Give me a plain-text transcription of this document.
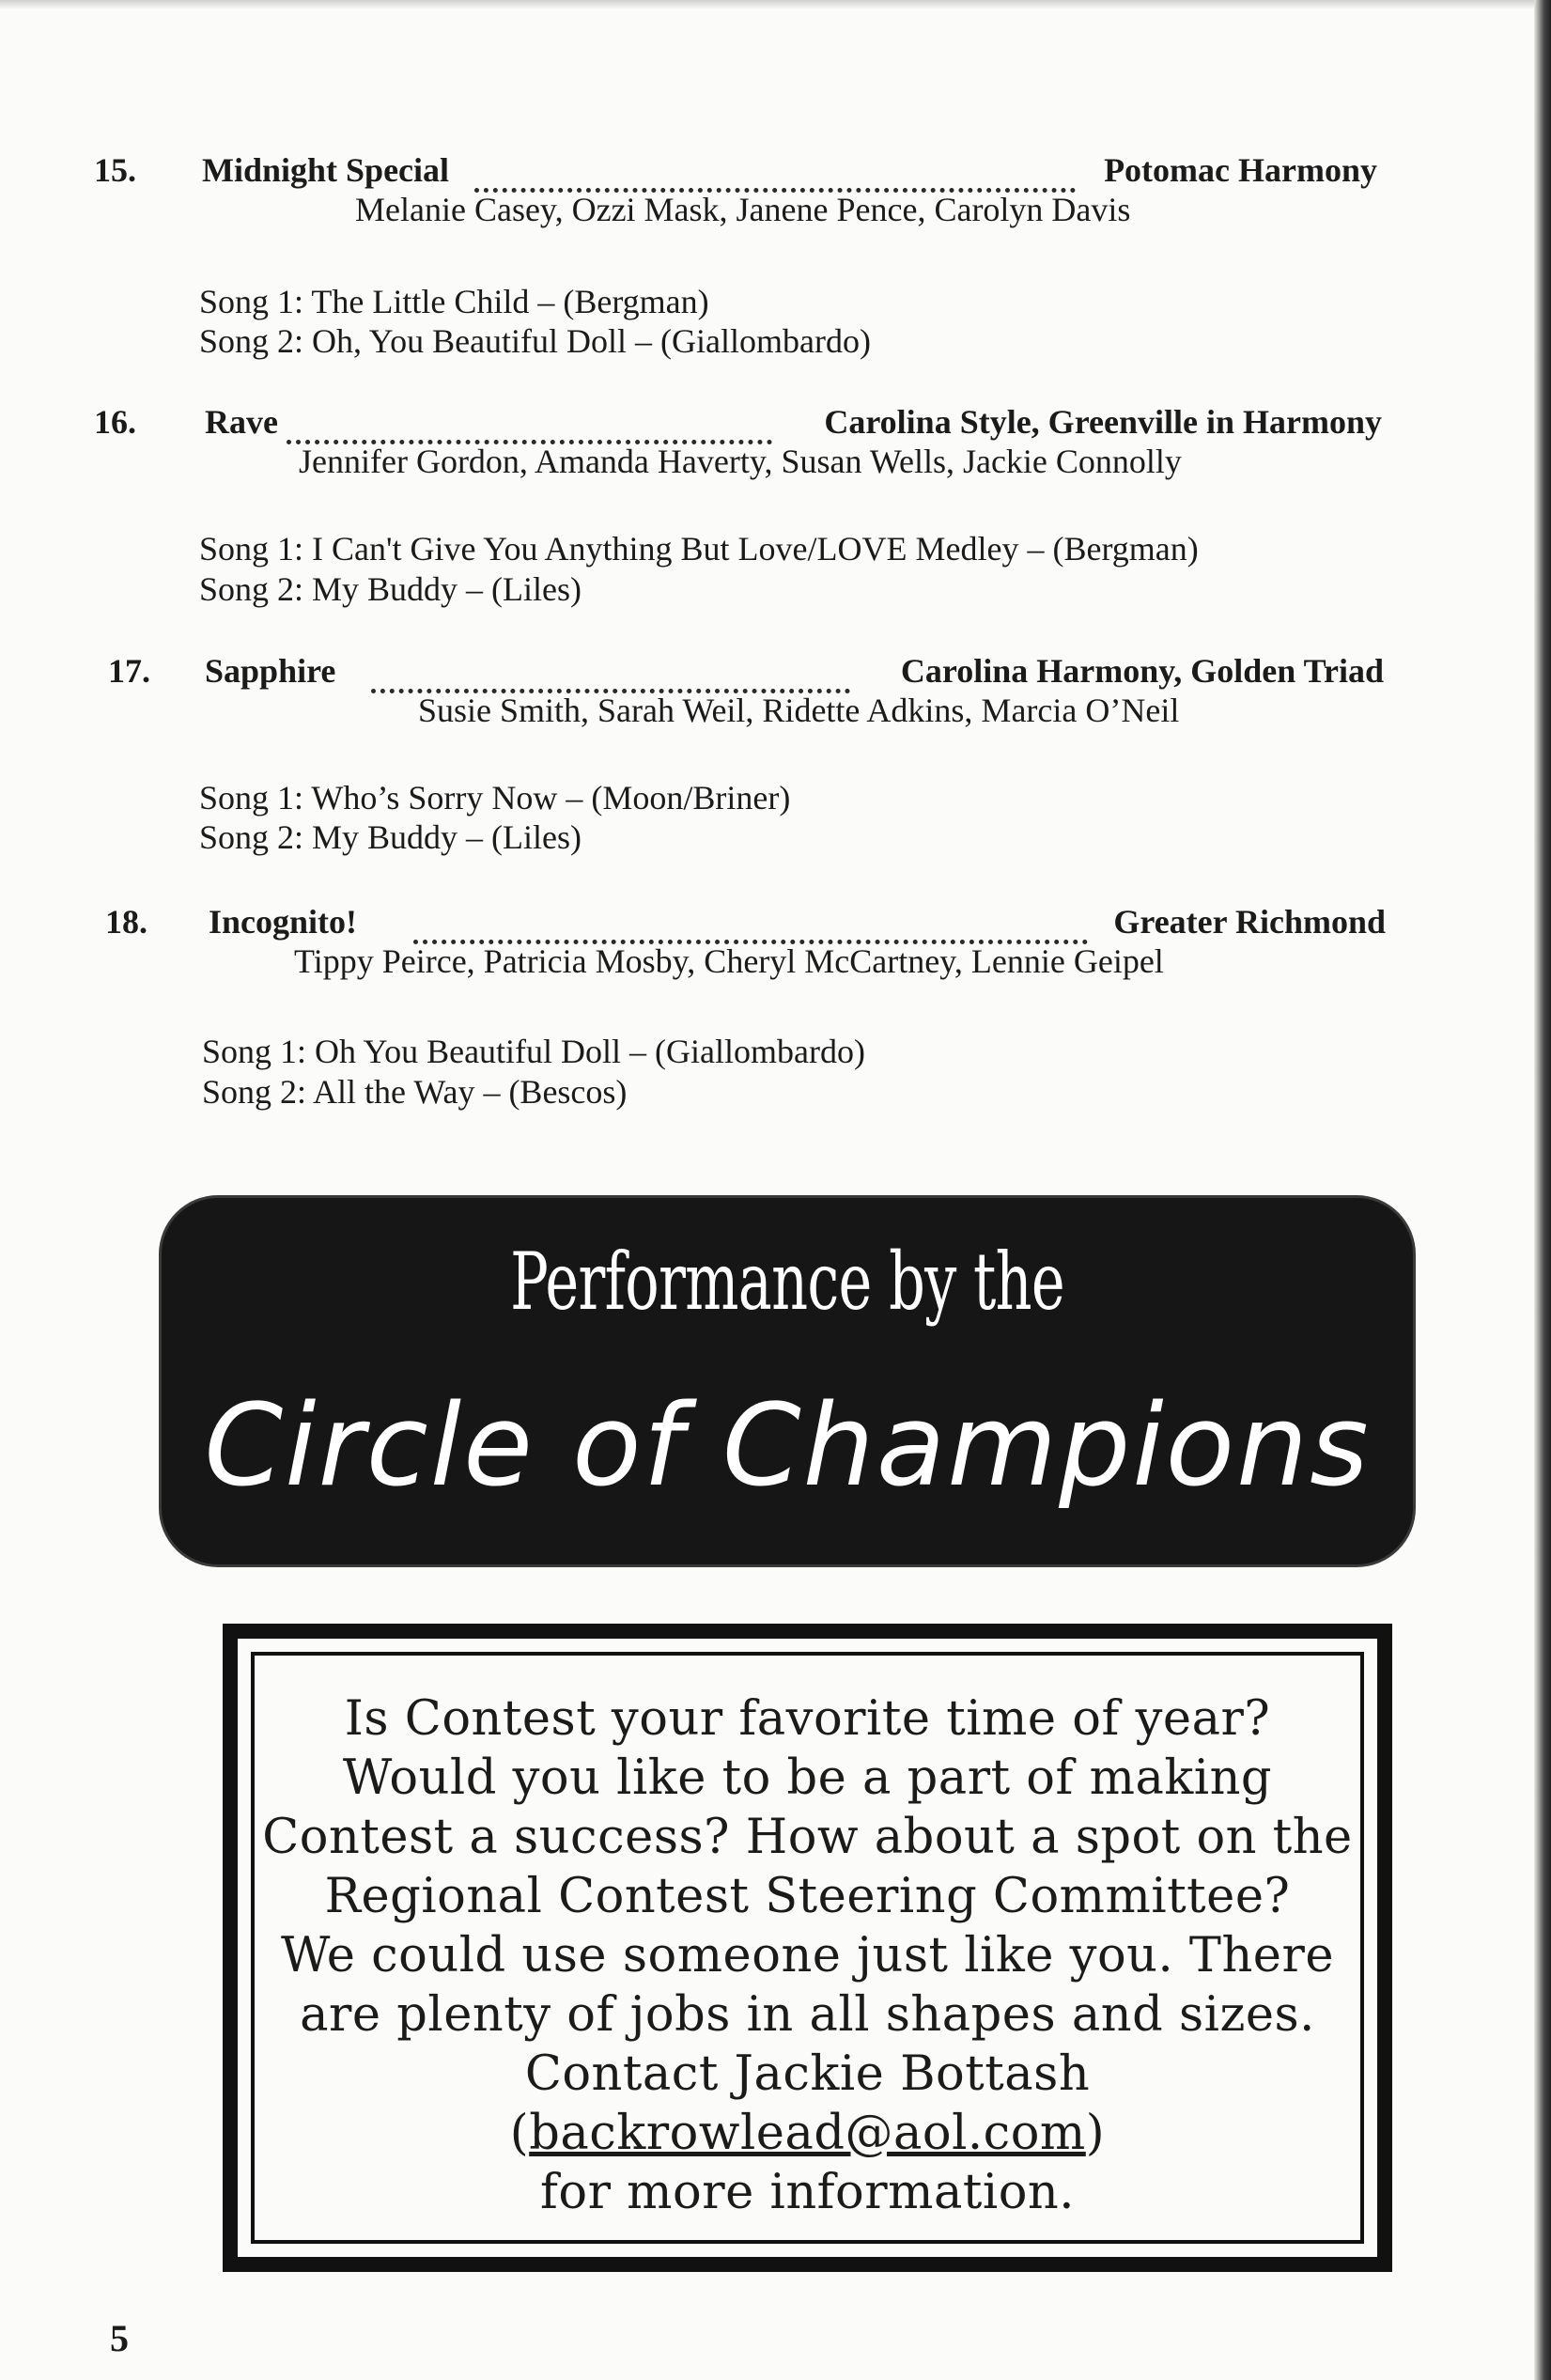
15. Midnight Special	Potomac Harmony
Melanie Casey, Ozzi Mask, Janene Pence, Carolyn Davis
Song 1: The Little Child – (Bergman)
Song 2: Oh, You Beautiful Doll – (Giallombardo)
16. Rave	Carolina Style, Greenville in Harmony
Jennifer Gordon, Amanda Haverty, Susan Wells, Jackie Connolly
Song 1: I Can't Give You Anything But Love/LOVE Medley – (Bergman)
Song 2: My Buddy – (Liles)
17. Sapphire	Carolina Harmony, Golden Triad
Susie Smith, Sarah Weil, Ridette Adkins, Marcia O’Neil
Song 1: Who’s Sorry Now – (Moon/Briner)
Song 2: My Buddy – (Liles)
18. Incognito!	Greater Richmond
Tippy Peirce, Patricia Mosby, Cheryl McCartney, Lennie Geipel
Song 1: Oh You Beautiful Doll – (Giallombardo)
Song 2: All the Way – (Bescos)
Performance by the
Circle of Champions
Is Contest your favorite time of year?
Would you like to be a part of making
Contest a success? How about a spot on the
Regional Contest Steering Committee?
We could use someone just like you. There
are plenty of jobs in all shapes and sizes.
Contact Jackie Bottash
(backrowlead@aol.com)
for more information.
5
